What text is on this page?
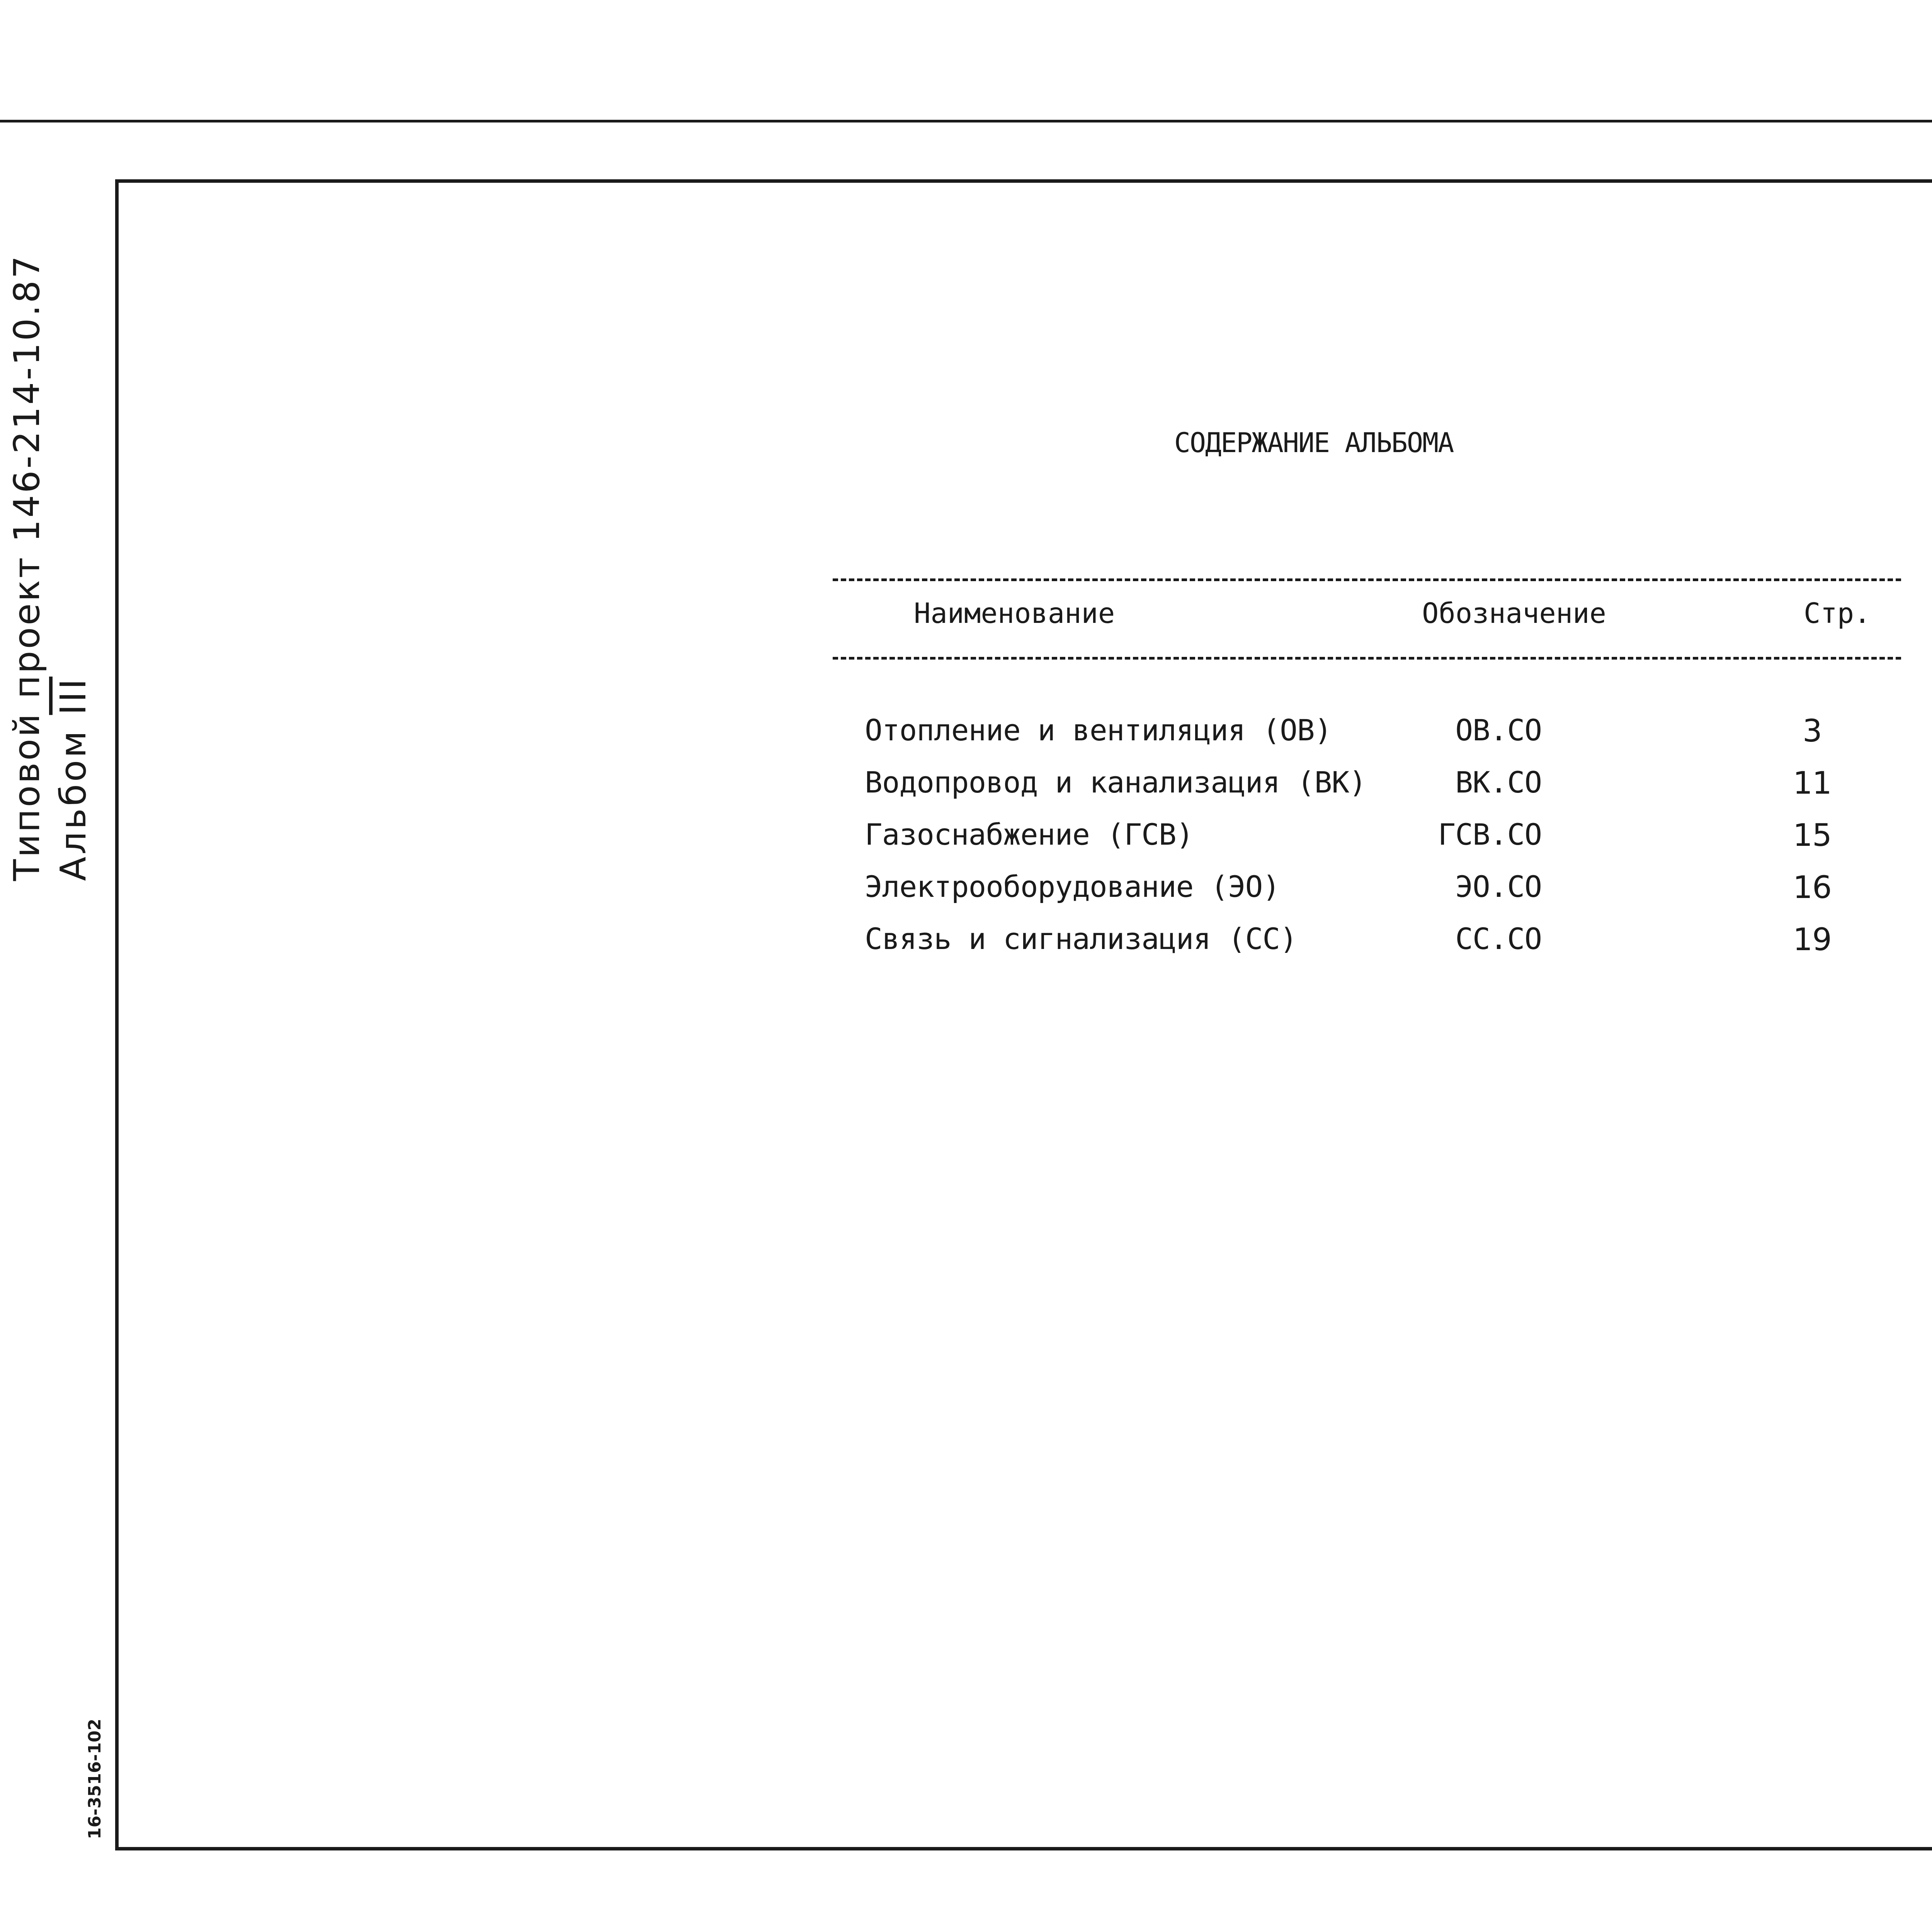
Типовой проект 146-214-10.87 Альбом $\overline{III}$
16-3516-102
СОДЕРЖАНИЕ АЛЬБОМА
Наименование	Обозначение	Стр.
Отопление и вентиляция (ОВ)	ОВ.СО	3
Водопровод и канализация (ВК)	ВК.СО	11
Газоснабжение (ГСВ)	ГСВ.СО	15
Электрооборудование (ЭО)	ЭО.СО	16
Связь и сигнализация (СС)	СС.СО	19
